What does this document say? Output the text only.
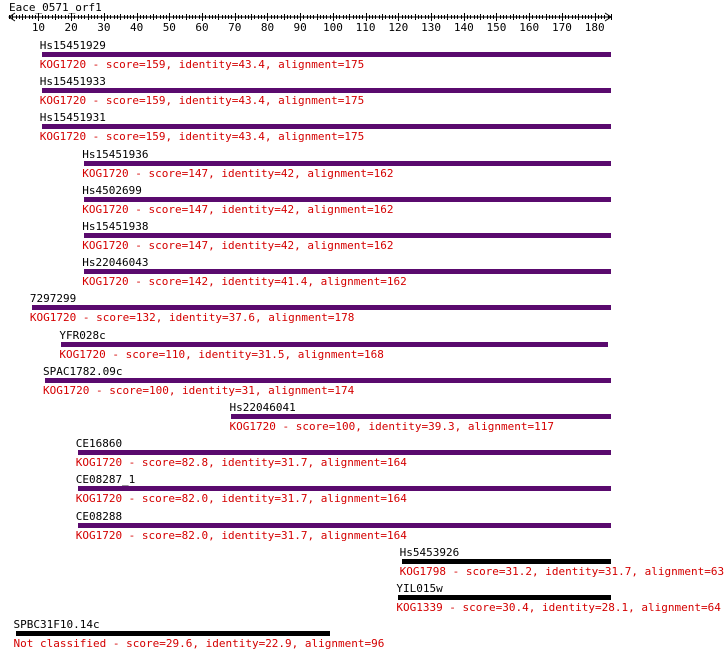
Eace_0571_orf1
10 20 30 40 50 60 70 80 90 100 110 120 130 140 150 160 170 180
Hs15451929
KOG1720 - score=159, identity=43.4, alignment=175
Hs15451933
KOG1720 - score=159, identity=43.4, alignment=175
Hs15451931
KOG1720 - score=159, identity=43.4, alignment=175
Hs15451936
KOG1720 - score=147, identity=42, alignment=162
Hs4502699
KOG1720 - score=147, identity=42, alignment=162
Hs15451938
KOG1720 - score=147, identity=42, alignment=162
Hs22046043
KOG1720 - score=142, identity=41.4, alignment=162
7297299
KOG1720 - score=132, identity=37.6, alignment=178
YFR028c
KOG1720 - score=110, identity=31.5, alignment=168
SPAC1782.09c
KOG1720 - score=100, identity=31, alignment=174
Hs22046041
KOG1720 - score=100, identity=39.3, alignment=117
CE16860
KOG1720 - score=82.8, identity=31.7, alignment=164
CE08287_1
KOG1720 - score=82.0, identity=31.7, alignment=164
CE08288
KOG1720 - score=82.0, identity=31.7, alignment=164
Hs5453926
KOG1798 - score=31.2, identity=31.7, alignment=63
YIL015w
KOG1339 - score=30.4, identity=28.1, alignment=64
SPBC31F10.14c
Not classified - score=29.6, identity=22.9, alignment=96
